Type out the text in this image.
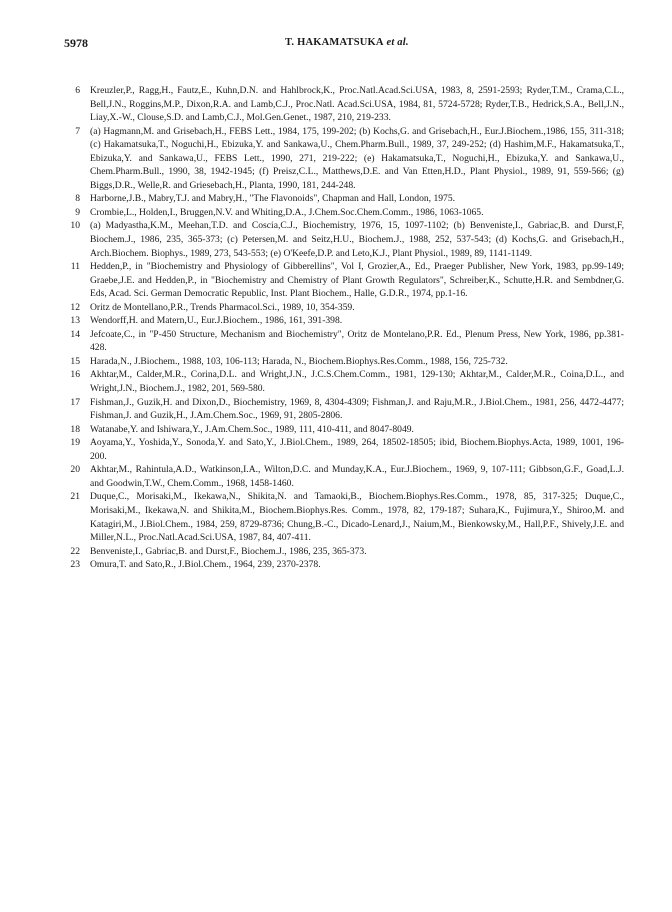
5978	T. HAKAMATSUKA et al.
6 Kreuzler,P., Ragg,H., Fautz,E., Kuhn,D.N. and Hahlbrock,K., Proc.Natl.Acad.Sci.USA, 1983, 8, 2591-2593; Ryder,T.M., Crama,C.L., Bell,J.N., Roggins,M.P., Dixon,R.A. and Lamb,C.J., Proc.Natl. Acad.Sci.USA, 1984, 81, 5724-5728; Ryder,T.B., Hedrick,S.A., Bell,J.N., Liay,X.-W., Clouse,S.D. and Lamb,C.J., Mol.Gen.Genet., 1987, 210, 219-233.
7 (a) Hagmann,M. and Grisebach,H., FEBS Lett., 1984, 175, 199-202; (b) Kochs,G. and Grisebach,H., Eur.J.Biochem.,1986, 155, 311-318; (c) Hakamatsuka,T., Noguchi,H., Ebizuka,Y. and Sankawa,U., Chem.Pharm.Bull., 1989, 37, 249-252; (d) Hashim,M.F., Hakamatsuka,T., Ebizuka,Y. and Sankawa,U., FEBS Lett., 1990, 271, 219-222; (e) Hakamatsuka,T., Noguchi,H., Ebizuka,Y. and Sankawa,U., Chem.Pharm.Bull., 1990, 38, 1942-1945; (f) Preisz,C.L., Matthews,D.E. and Van Etten,H.D., Plant Physiol., 1989, 91, 559-566; (g) Biggs,D.R., Welle,R. and Griesebach,H., Planta, 1990, 181, 244-248.
8 Harborne,J.B., Mabry,T.J. and Mabry,H., "The Flavonoids", Chapman and Hall, London, 1975.
9 Crombie,L., Holden,I., Bruggen,N.V. and Whiting,D.A., J.Chem.Soc.Chem.Comm., 1986, 1063-1065.
10 (a) Madyastha,K.M., Meehan,T.D. and Coscia,C.J., Biochemistry, 1976, 15, 1097-1102; (b) Benveniste,I., Gabriac,B. and Durst,F, Biochem.J., 1986, 235, 365-373; (c) Petersen,M. and Seitz,H.U., Biochem.J., 1988, 252, 537-543; (d) Kochs,G. and Grisebach,H., Arch.Biochem. Biophys., 1989, 273, 543-553; (e) O'Keefe,D.P. and Leto,K.J., Plant Physiol., 1989, 89, 1141-1149.
11 Hedden,P., in "Biochemistry and Physiology of Gibberellins", Vol I, Grozier,A., Ed., Praeger Publisher, New York, 1983, pp.99-149; Graebe,J.E. and Hedden,P., in "Biochemistry and Chemistry of Plant Growth Regulators", Schreiber,K., Schutte,H.R. and Sembdner,G. Eds, Acad. Sci. German Democratic Republic, Inst. Plant Biochem., Halle, G.D.R., 1974, pp.1-16.
12 Oritz de Montellano,P.R., Trends Pharmacol.Sci., 1989, 10, 354-359.
13 Wendorff,H. and Matern,U., Eur.J.Biochem., 1986, 161, 391-398.
14 Jefcoate,C., in "P-450 Structure, Mechanism and Biochemistry", Oritz de Montelano,P.R. Ed., Plenum Press, New York, 1986, pp.381-428.
15 Harada,N., J.Biochem., 1988, 103, 106-113; Harada, N., Biochem.Biophys.Res.Comm., 1988, 156, 725-732.
16 Akhtar,M., Calder,M.R., Corina,D.L. and Wright,J.N., J.C.S.Chem.Comm., 1981, 129-130; Akhtar,M., Calder,M.R., Coina,D.L., and Wright,J.N., Biochem.J., 1982, 201, 569-580.
17 Fishman,J., Guzik,H. and Dixon,D., Biochemistry, 1969, 8, 4304-4309; Fishman,J. and Raju,M.R., J.Biol.Chem., 1981, 256, 4472-4477; Fishman,J. and Guzik,H., J.Am.Chem.Soc., 1969, 91, 2805-2806.
18 Watanabe,Y. and Ishiwara,Y., J.Am.Chem.Soc., 1989, 111, 410-411, and 8047-8049.
19 Aoyama,Y., Yoshida,Y., Sonoda,Y. and Sato,Y., J.Biol.Chem., 1989, 264, 18502-18505; ibid, Biochem.Biophys.Acta, 1989, 1001, 196-200.
20 Akhtar,M., Rahintula,A.D., Watkinson,I.A., Wilton,D.C. and Munday,K.A., Eur.J.Biochem., 1969, 9, 107-111; Gibbson,G.F., Goad,L.J. and Goodwin,T.W., Chem.Comm., 1968, 1458-1460.
21 Duque,C., Morisaki,M., Ikekawa,N., Shikita,N. and Tamaoki,B., Biochem.Biophys.Res.Comm., 1978, 85, 317-325; Duque,C., Morisaki,M., Ikekawa,N. and Shikita,M., Biochem.Biophys.Res. Comm., 1978, 82, 179-187; Suhara,K., Fujimura,Y., Shiroo,M. and Katagiri,M., J.Biol.Chem., 1984, 259, 8729-8736; Chung,B.-C., Dicado-Lenard,J., Naium,M., Bienkowsky,M., Hall,P.F., Shively,J.E. and Miller,N.L., Proc.Natl.Acad.Sci.USA, 1987, 84, 407-411.
22 Benveniste,I., Gabriac,B. and Durst,F., Biochem.J., 1986, 235, 365-373.
23 Omura,T. and Sato,R., J.Biol.Chem., 1964, 239, 2370-2378.
